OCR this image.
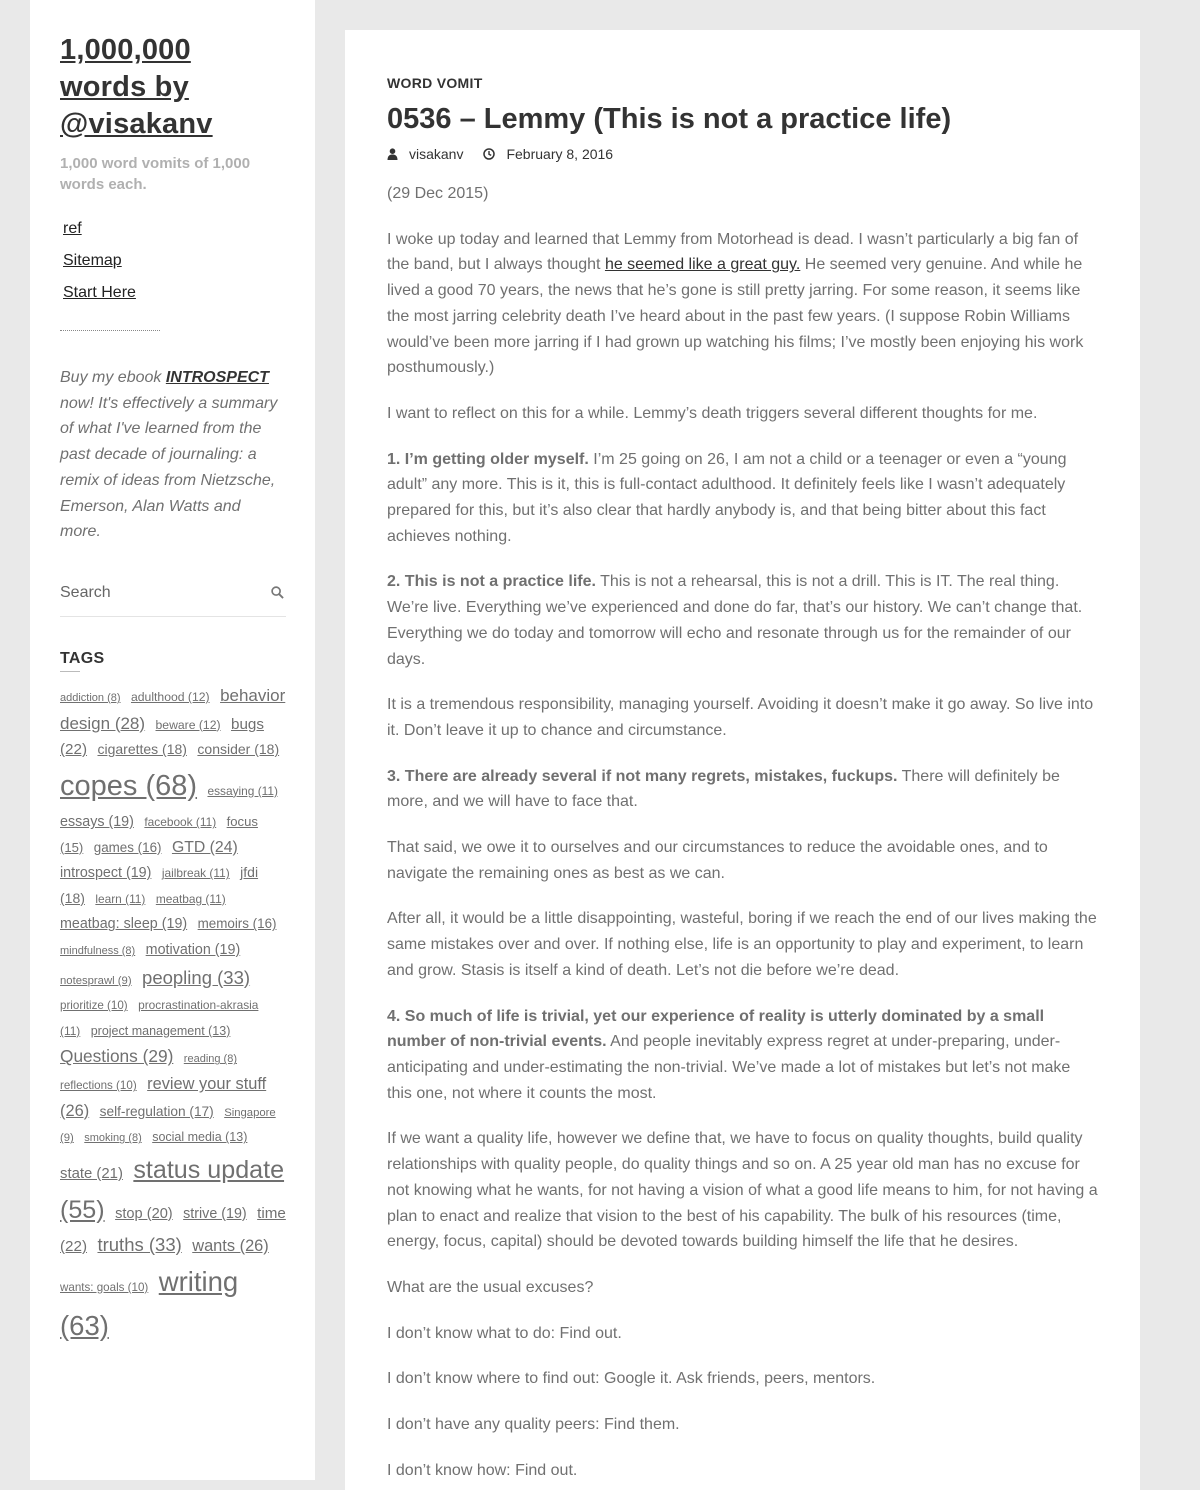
1,000,000 words by @visakanv
1,000 word vomits of 1,000 words each.
ref
Sitemap
Start Here
Buy my ebook INTROSPECT now! It's effectively a summary of what I've learned from the past decade of journaling: a remix of ideas from Nietzsche, Emerson, Alan Watts and more.
Search
TAGS
addiction (8) adulthood (12) behavior design (28) beware (12) bugs (22) cigarettes (18) consider (18) copes (68) essaying (11) essays (19) facebook (11) focus (15) games (16) GTD (24) introspect (19) jailbreak (11) jfdi (18) learn (11) meatbag (11) meatbag: sleep (19) memoirs (16) mindfulness (8) motivation (19) notesprawl (9) peopling (33) prioritize (10) procrastination-akrasia (11) project management (13) Questions (29) reading (8) reflections (10) review your stuff (26) self-regulation (17) Singapore (9) smoking (8) social media (13) state (21) status update (55) stop (20) strive (19) time (22) truths (33) wants (26) wants: goals (10) writing (63)
WORD VOMIT
0536 – Lemmy (This is not a practice life)
visakanv	February 8, 2016

(29 Dec 2015)

I woke up today and learned that Lemmy from Motorhead is dead. I wasn’t particularly a big fan of the band, but I always thought he seemed like a great guy. He seemed very genuine. And while he lived a good 70 years, the news that he’s gone is still pretty jarring. For some reason, it seems like the most jarring celebrity death I’ve heard about in the past few years. (I suppose Robin Williams would’ve been more jarring if I had grown up watching his films; I’ve mostly been enjoying his work posthumously.)

I want to reflect on this for a while. Lemmy’s death triggers several different thoughts for me.

1. I’m getting older myself. I’m 25 going on 26, I am not a child or a teenager or even a “young adult” any more. This is it, this is full-contact adulthood. It definitely feels like I wasn’t adequately prepared for this, but it’s also clear that hardly anybody is, and that being bitter about this fact achieves nothing.

2. This is not a practice life. This is not a rehearsal, this is not a drill. This is IT. The real thing. We’re live. Everything we’ve experienced and done do far, that’s our history. We can’t change that. Everything we do today and tomorrow will echo and resonate through us for the remainder of our days.

It is a tremendous responsibility, managing yourself. Avoiding it doesn’t make it go away. So live into it. Don’t leave it up to chance and circumstance.

3. There are already several if not many regrets, mistakes, fuckups. There will definitely be more, and we will have to face that.

That said, we owe it to ourselves and our circumstances to reduce the avoidable ones, and to navigate the remaining ones as best as we can.

After all, it would be a little disappointing, wasteful, boring if we reach the end of our lives making the same mistakes over and over. If nothing else, life is an opportunity to play and experiment, to learn and grow. Stasis is itself a kind of death. Let’s not die before we’re dead.

4. So much of life is trivial, yet our experience of reality is utterly dominated by a small number of non-trivial events. And people inevitably express regret at under-preparing, under-anticipating and under-estimating the non-trivial. We’ve made a lot of mistakes but let’s not make this one, not where it counts the most.

If we want a quality life, however we define that, we have to focus on quality thoughts, build quality relationships with quality people, do quality things and so on. A 25 year old man has no excuse for not knowing what he wants, for not having a vision of what a good life means to him, for not having a plan to enact and realize that vision to the best of his capability. The bulk of his resources (time, energy, focus, capital) should be devoted towards building himself the life that he desires.

What are the usual excuses?

I don’t know what to do: Find out.

I don’t know where to find out: Google it. Ask friends, peers, mentors.

I don’t have any quality peers: Find them.

I don’t know how: Find out.
